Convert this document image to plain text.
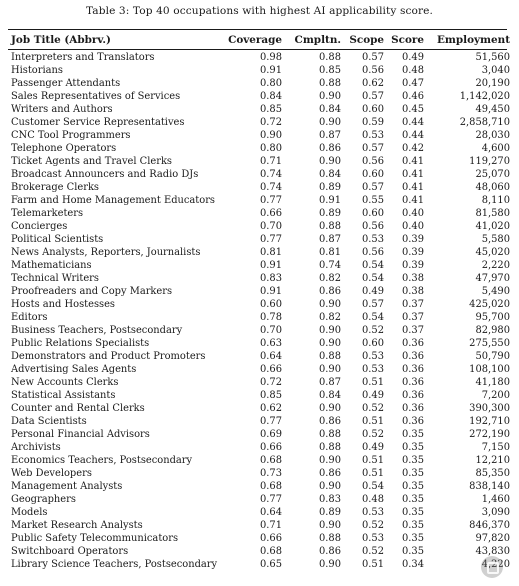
Table 3: Top 40 occupations with highest AI applicability score.
Job Title (Abbrv.)	Coverage	Cmpltn.	Scope	Score	Employment
Interpreters and Translators	0.98	0.88	0.57	0.49	51,560
Historians	0.91	0.85	0.56	0.48	3,040
Passenger Attendants	0.80	0.88	0.62	0.47	20,190
Sales Representatives of Services	0.84	0.90	0.57	0.46	1,142,020
Writers and Authors	0.85	0.84	0.60	0.45	49,450
Customer Service Representatives	0.72	0.90	0.59	0.44	2,858,710
CNC Tool Programmers	0.90	0.87	0.53	0.44	28,030
Telephone Operators	0.80	0.86	0.57	0.42	4,600
Ticket Agents and Travel Clerks	0.71	0.90	0.56	0.41	119,270
Broadcast Announcers and Radio DJs	0.74	0.84	0.60	0.41	25,070
Brokerage Clerks	0.74	0.89	0.57	0.41	48,060
Farm and Home Management Educators	0.77	0.91	0.55	0.41	8,110
Telemarketers	0.66	0.89	0.60	0.40	81,580
Concierges	0.70	0.88	0.56	0.40	41,020
Political Scientists	0.77	0.87	0.53	0.39	5,580
News Analysts, Reporters, Journalists	0.81	0.81	0.56	0.39	45,020
Mathematicians	0.91	0.74	0.54	0.39	2,220
Technical Writers	0.83	0.82	0.54	0.38	47,970
Proofreaders and Copy Markers	0.91	0.86	0.49	0.38	5,490
Hosts and Hostesses	0.60	0.90	0.57	0.37	425,020
Editors	0.78	0.82	0.54	0.37	95,700
Business Teachers, Postsecondary	0.70	0.90	0.52	0.37	82,980
Public Relations Specialists	0.63	0.90	0.60	0.36	275,550
Demonstrators and Product Promoters	0.64	0.88	0.53	0.36	50,790
Advertising Sales Agents	0.66	0.90	0.53	0.36	108,100
New Accounts Clerks	0.72	0.87	0.51	0.36	41,180
Statistical Assistants	0.85	0.84	0.49	0.36	7,200
Counter and Rental Clerks	0.62	0.90	0.52	0.36	390,300
Data Scientists	0.77	0.86	0.51	0.36	192,710
Personal Financial Advisors	0.69	0.88	0.52	0.35	272,190
Archivists	0.66	0.88	0.49	0.35	7,150
Economics Teachers, Postsecondary	0.68	0.90	0.51	0.35	12,210
Web Developers	0.73	0.86	0.51	0.35	85,350
Management Analysts	0.68	0.90	0.54	0.35	838,140
Geographers	0.77	0.83	0.48	0.35	1,460
Models	0.64	0.89	0.53	0.35	3,090
Market Research Analysts	0.71	0.90	0.52	0.35	846,370
Public Safety Telecommunicators	0.66	0.88	0.53	0.35	97,820
Switchboard Operators	0.68	0.86	0.52	0.35	43,830
Library Science Teachers, Postsecondary	0.65	0.90	0.51	0.34	4,220
